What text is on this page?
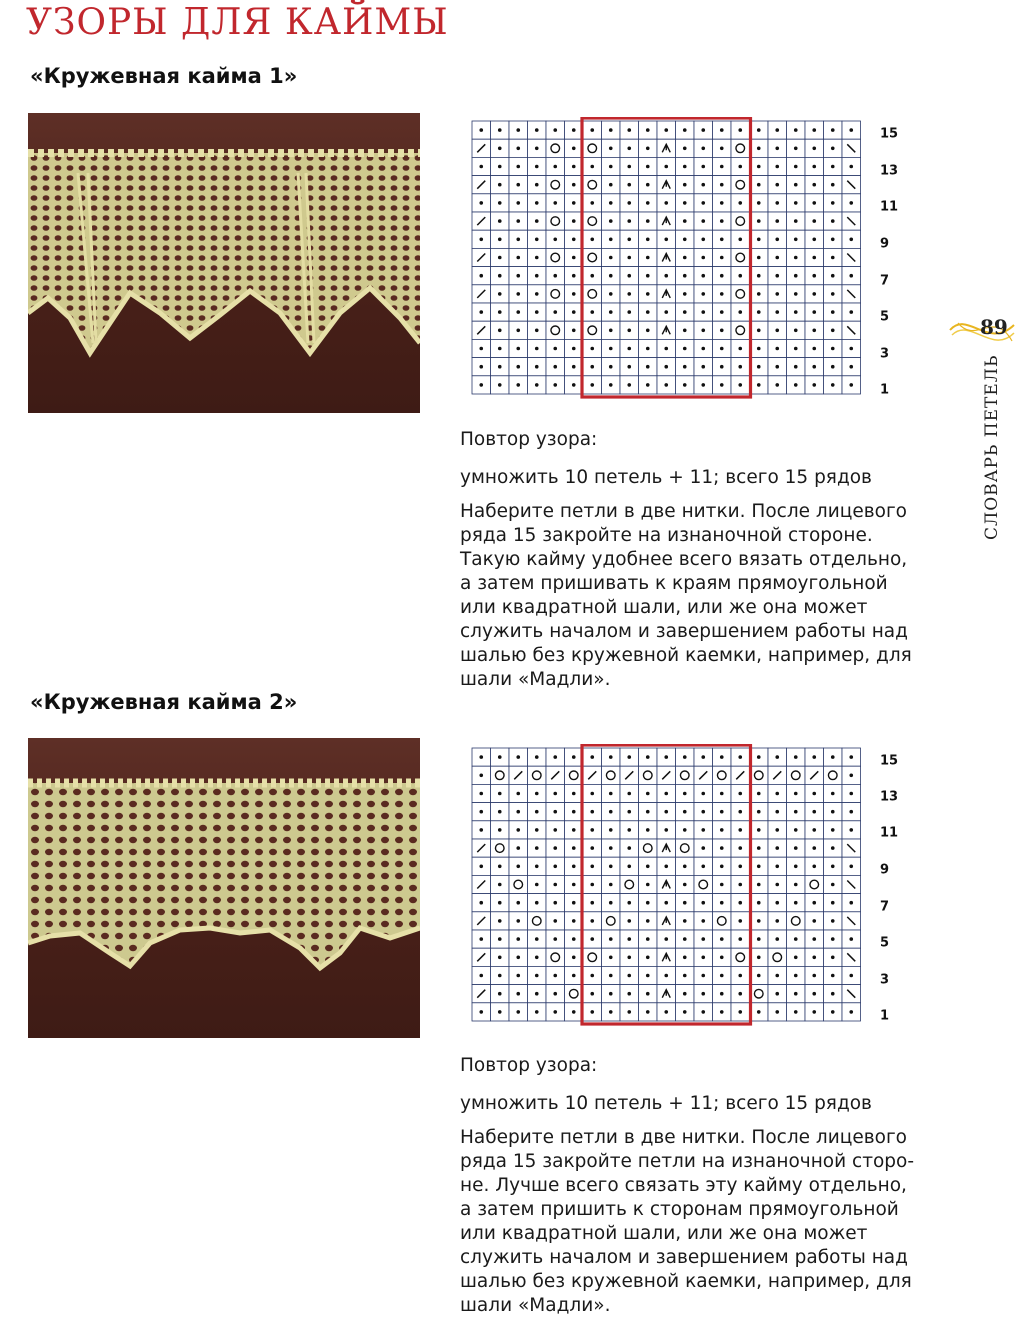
УЗОРЫ ДЛЯ КАЙМЫ
89
СЛОВАРЬ ПЕТЕЛЬ
«Кружевная кайма 1»
15
13
11
9
7
5
3
1

Повтор узора:

умножить 10 петель + 11; всего 15 рядов

Наберите петли в две нитки. После лицевого

ряда 15 закройте на изнаночной стороне.

Такую кайму удобнее всего вязать отдельно,

а затем пришивать к краям прямоугольной

или квадратной шали, или же она может

служить началом и завершением работы над

шалью без кружевной каемки, например, для

шали «Мадли».

«Кружевная кайма 2»
15
13
11
9
7
5
3
1

Повтор узора:

умножить 10 петель + 11; всего 15 рядов

Наберите петли в две нитки. После лицевого

ряда 15 закройте петли на изнаночной сторо-

не. Лучше всего связать эту кайму отдельно,

а затем пришить к сторонам прямоугольной

или квадратной шали, или же она может

служить началом и завершением работы над

шалью без кружевной каемки, например, для

шали «Мадли».
